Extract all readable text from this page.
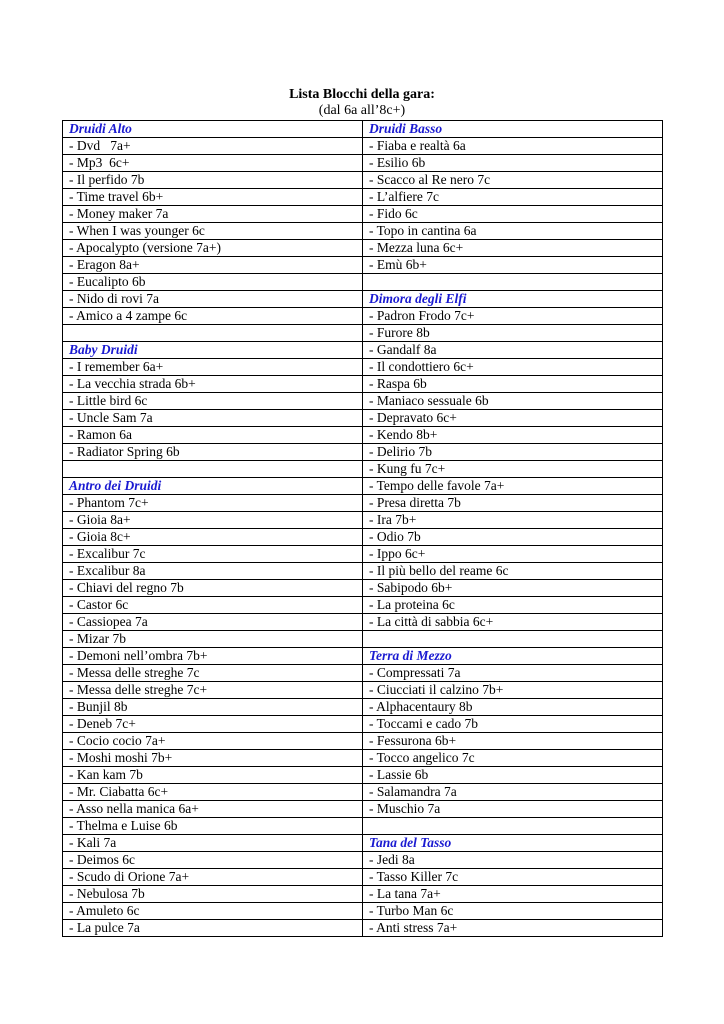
Lista Blocchi della gara:
(dal 6a all’8c+)
Druidi Alto	Druidi Basso
- Dvd   7a+	- Fiaba e realtà 6a
- Mp3  6c+	- Esilio 6b
- Il perfido 7b	- Scacco al Re nero 7c
- Time travel 6b+	- L’alfiere 7c
- Money maker 7a	- Fido 6c
- When I was younger 6c	- Topo in cantina 6a
- Apocalypto (versione 7a+)	- Mezza luna 6c+
- Eragon 8a+	- Emù 6b+
- Eucalipto 6b	
- Nido di rovi 7a	Dimora degli Elfi
- Amico a 4 zampe 6c	- Padron Frodo 7c+
	- Furore 8b
Baby Druidi	- Gandalf 8a
- I remember 6a+	- Il condottiero 6c+
- La vecchia strada 6b+	- Raspa 6b
- Little bird 6c	- Maniaco sessuale 6b
- Uncle Sam 7a	- Depravato 6c+
- Ramon 6a	- Kendo 8b+
- Radiator Spring 6b	- Delirio 7b
	- Kung fu 7c+
Antro dei Druidi	- Tempo delle favole 7a+
- Phantom 7c+	- Presa diretta 7b
- Gioia 8a+	- Ira 7b+
- Gioia 8c+	- Odio 7b
- Excalibur 7c	- Ippo 6c+
- Excalibur 8a	- Il più bello del reame 6c
- Chiavi del regno 7b	- Sabipodo 6b+
- Castor 6c	- La proteina 6c
- Cassiopea 7a	- La città di sabbia 6c+
- Mizar 7b	
- Demoni nell’ombra 7b+	Terra di Mezzo
- Messa delle streghe 7c	- Compressati 7a
- Messa delle streghe 7c+	- Ciucciati il calzino 7b+
- Bunjil 8b	- Alphacentaury 8b
- Deneb 7c+	- Toccami e cado 7b
- Cocio cocio 7a+	- Fessurona 6b+
- Moshi moshi 7b+	- Tocco angelico 7c
- Kan kam 7b	- Lassie 6b
- Mr. Ciabatta 6c+	- Salamandra 7a
- Asso nella manica 6a+	- Muschio 7a
- Thelma e Luise 6b	
- Kali 7a	Tana del Tasso
- Deimos 6c	- Jedi 8a
- Scudo di Orione 7a+	- Tasso Killer 7c
- Nebulosa 7b	- La tana 7a+
- Amuleto 6c	- Turbo Man 6c
- La pulce 7a	- Anti stress 7a+
